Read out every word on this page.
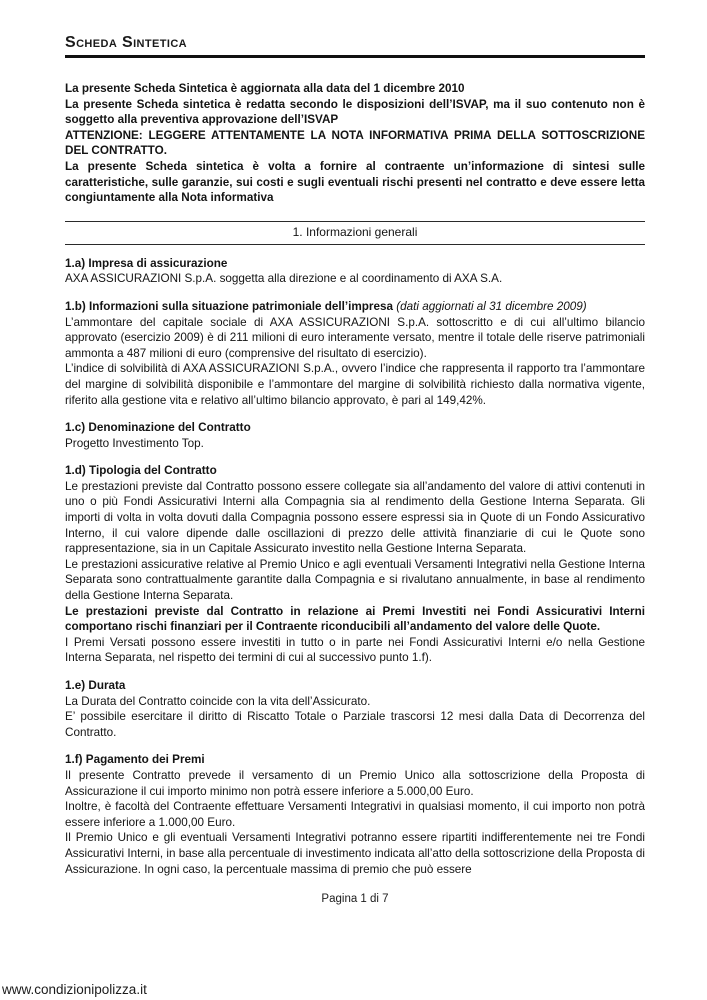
Scheda Sintetica

La presente Scheda Sintetica è aggiornata alla data del 1 dicembre 2010

La presente Scheda sintetica è redatta secondo le disposizioni dell’ISVAP, ma il suo contenuto non è soggetto alla preventiva approvazione dell’ISVAP

ATTENZIONE: LEGGERE ATTENTAMENTE LA NOTA INFORMATIVA PRIMA DELLA SOTTOSCRIZIONE DEL CONTRATTO.

La presente Scheda sintetica è volta a fornire al contraente un’informazione di sintesi sulle caratteristiche, sulle garanzie, sui costi e sugli eventuali rischi presenti nel contratto e deve essere letta congiuntamente alla Nota informativa

1. Informazioni generali
1.a) Impresa di assicurazione
AXA ASSICURAZIONI S.p.A. soggetta alla direzione e al coordinamento di AXA S.A.
1.b) Informazioni sulla situazione patrimoniale dell’impresa (dati aggiornati al 31 dicembre 2009)
L’ammontare del capitale sociale di AXA ASSICURAZIONI S.p.A. sottoscritto e di cui all’ultimo bilancio approvato (esercizio 2009) è di 211 milioni di euro interamente versato, mentre il totale delle riserve patrimoniali ammonta a 487 milioni di euro (comprensive del risultato di esercizio).
L’indice di solvibilità di AXA ASSICURAZIONI S.p.A., ovvero l’indice che rappresenta il rapporto tra l’ammontare del margine di solvibilità disponibile e l’ammontare del margine di solvibilità richiesto dalla normativa vigente, riferito alla gestione vita e relativo all’ultimo bilancio approvato, è pari al 149,42%.
1.c) Denominazione del Contratto
Progetto Investimento Top.
1.d) Tipologia del Contratto
Le prestazioni previste dal Contratto possono essere collegate sia all’andamento del valore di attivi contenuti in uno o più Fondi Assicurativi Interni alla Compagnia sia al rendimento della Gestione Interna Separata. Gli importi di volta in volta dovuti dalla Compagnia possono essere espressi sia in Quote di un Fondo Assicurativo Interno, il cui valore dipende dalle oscillazioni di prezzo delle attività finanziarie di cui le Quote sono rappresentazione, sia in un Capitale Assicurato investito nella Gestione Interna Separata.
Le prestazioni assicurative relative al Premio Unico e agli eventuali Versamenti Integrativi nella Gestione Interna Separata sono contrattualmente garantite dalla Compagnia e si rivalutano annualmente, in base al rendimento della Gestione Interna Separata.
Le prestazioni previste dal Contratto in relazione ai Premi Investiti nei Fondi Assicurativi Interni comportano rischi finanziari per il Contraente riconducibili all’andamento del valore delle Quote.
I Premi Versati possono essere investiti in tutto o in parte nei Fondi Assicurativi Interni e/o nella Gestione Interna Separata, nel rispetto dei termini di cui al successivo punto 1.f).
1.e) Durata
La Durata del Contratto coincide con la vita dell’Assicurato.
E’ possibile esercitare il diritto di Riscatto Totale o Parziale trascorsi 12 mesi dalla Data di Decorrenza del Contratto.
1.f) Pagamento dei Premi
Il presente Contratto prevede il versamento di un Premio Unico alla sottoscrizione della Proposta di Assicurazione il cui importo minimo non potrà essere inferiore a 5.000,00 Euro.
Inoltre, è facoltà del Contraente effettuare Versamenti Integrativi in qualsiasi momento, il cui importo non potrà essere inferiore a 1.000,00 Euro.
Il Premio Unico e gli eventuali Versamenti Integrativi potranno essere ripartiti indifferentemente nei tre Fondi Assicurativi Interni, in base alla percentuale di investimento indicata all’atto della sottoscrizione della Proposta di Assicurazione. In ogni caso, la percentuale massima di premio che può essere
Pagina 1 di 7
www.condizionipolizza.it
